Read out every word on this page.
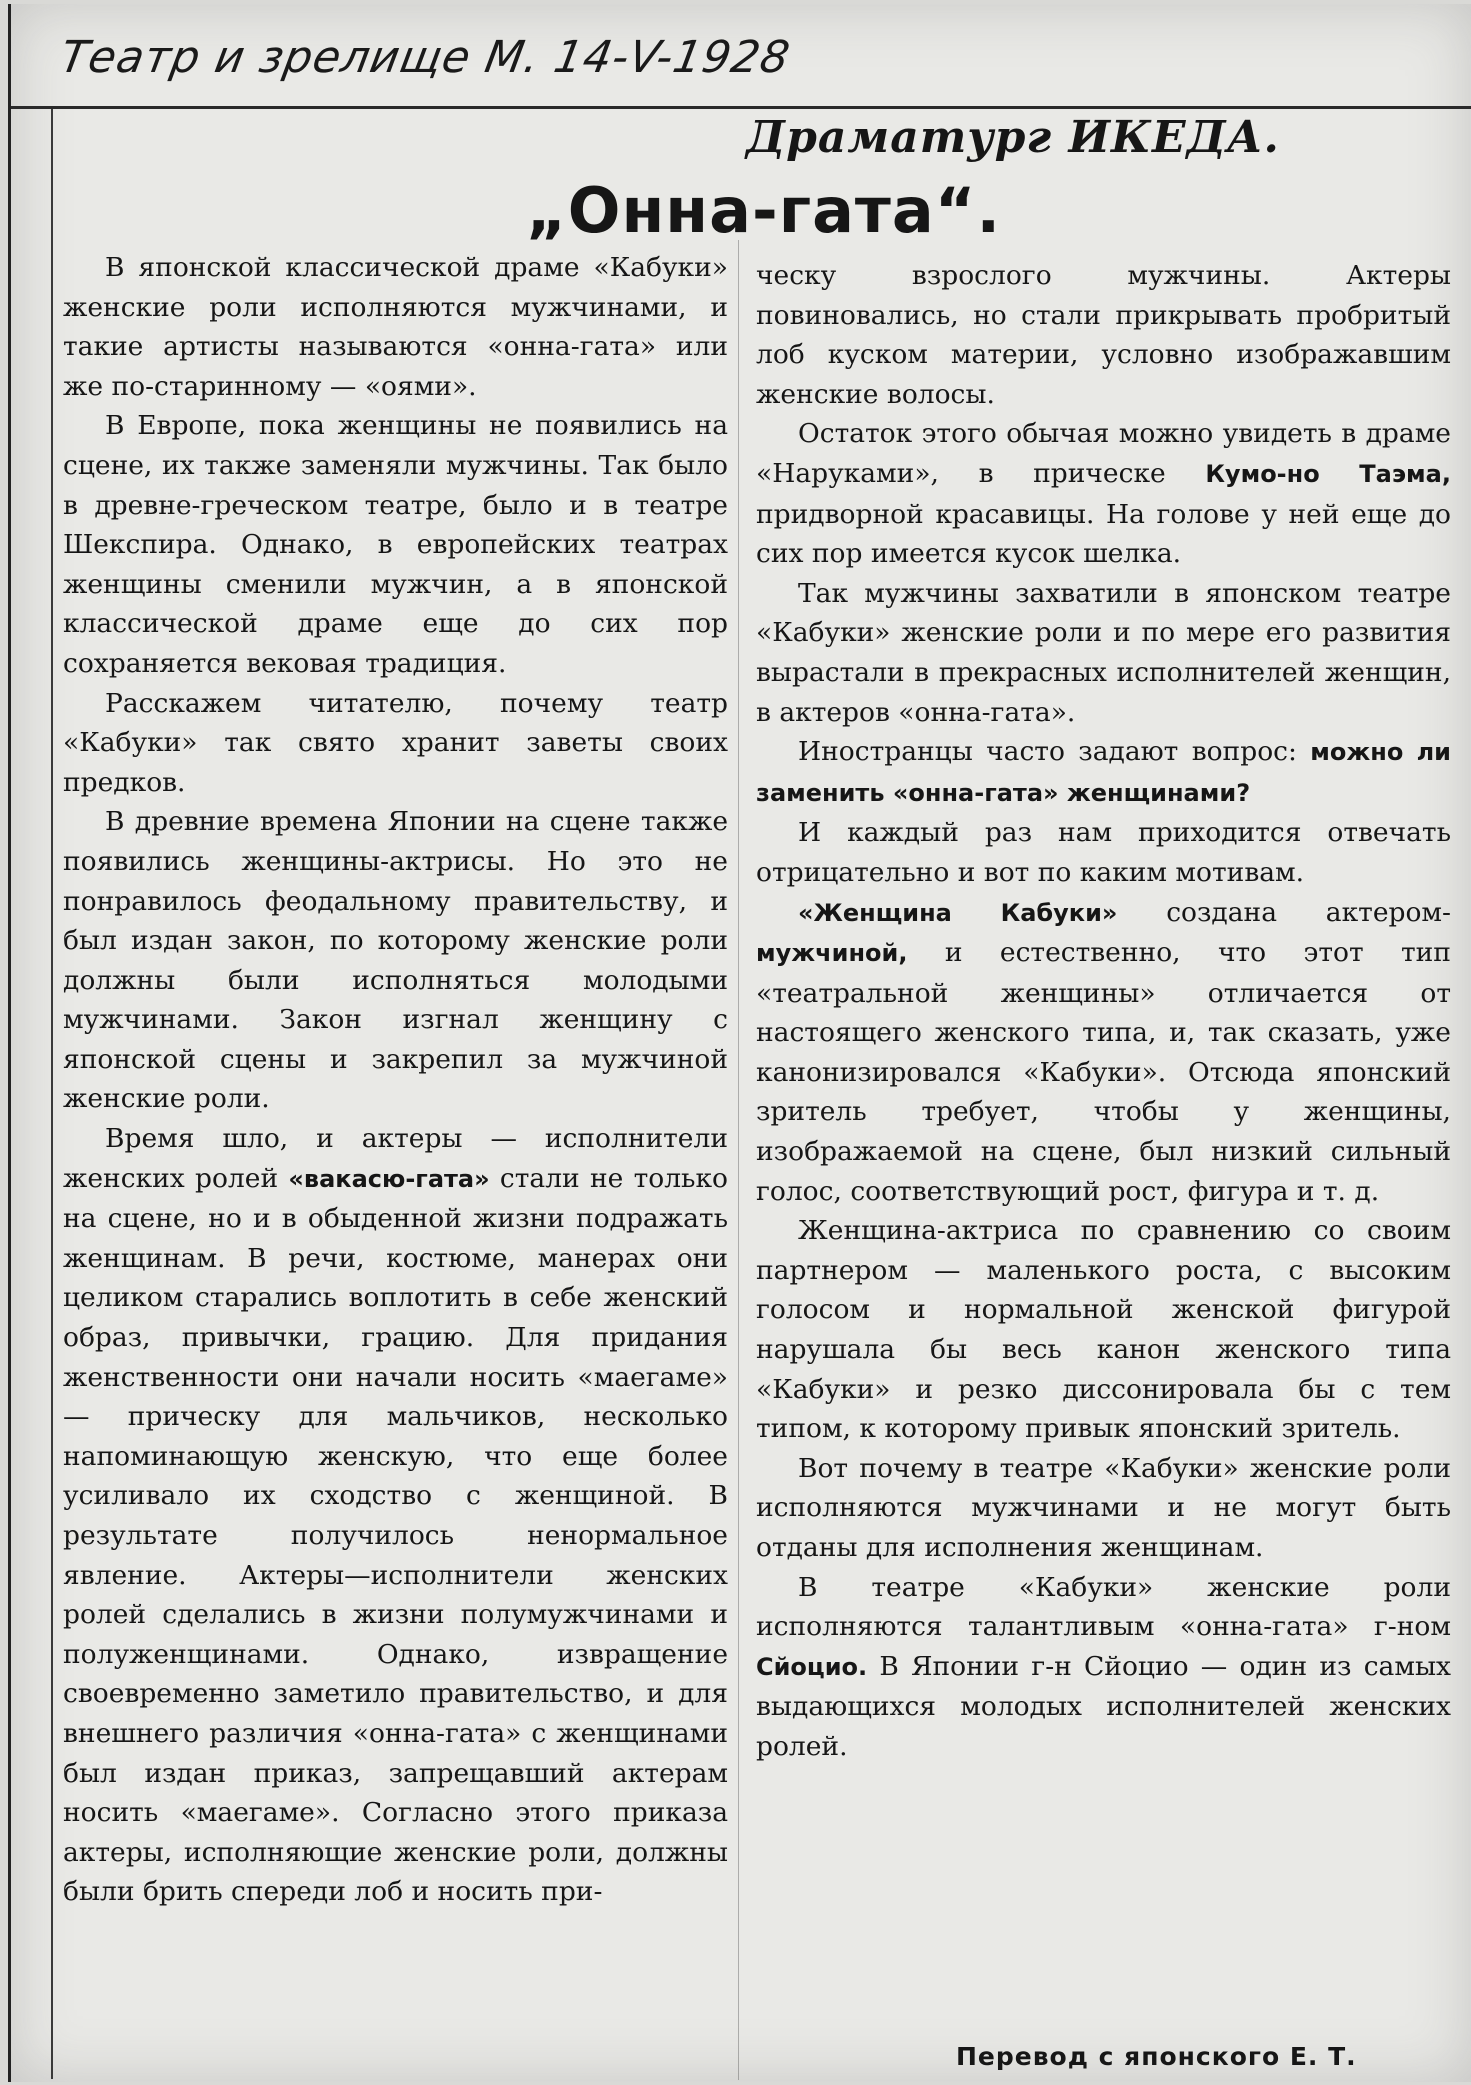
Театр и зрелище М. 14-V-1928
Драматург ИКЕДА.
„Онна-гата“.

В японской классической драме «Кабуки» женские роли исполняются мужчинами, и такие артисты называются «онна-гата» или же по-старинному — «оями».

В Европе, пока женщины не появились на сцене, их также заменяли мужчины. Так было в древне-греческом театре, было и в театре Шекспира. Однако, в европейских театрах женщины сменили мужчин, а в японской классической драме еще до сих пор сохраняется вековая традиция.

Расскажем читателю, почему театр «Кабуки» так свято хранит заветы своих предков.

В древние времена Японии на сцене также появились женщины-актрисы. Но это не понравилось феодальному правительству, и был издан закон, по которому женские роли должны были исполняться молодыми мужчинами. Закон изгнал женщину с японской сцены и закрепил за мужчиной женские роли.

Время шло, и актеры — исполнители женских ролей «вакасю-гата» стали не только на сцене, но и в обыденной жизни подражать женщинам. В речи, костюме, манерах они целиком старались воплотить в себе женский образ, привычки, грацию. Для придания женственности они начали носить «маегаме» — прическу для мальчиков, несколько напоминающую женскую, что еще более усиливало их сходство с женщиной. В результате получилось ненормальное явление. Актеры—исполнители женских ролей сделались в жизни полумужчинами и полуженщинами. Однако, извращение своевременно заметило правительство, и для внешнего различия «онна-гата» с женщинами был издан приказ, запрещавший актерам носить «маегаме». Согласно этого приказа актеры, исполняющие женские роли, должны были брить спереди лоб и носить при-

ческу взрослого мужчины. Актеры повиновались, но стали прикрывать пробритый лоб куском материи, условно изображавшим женские волосы.

Остаток этого обычая можно увидеть в драме «Наруками», в прическе Кумо-но Таэма, придворной красавицы. На голове у ней еще до сих пор имеется кусок шелка.

Так мужчины захватили в японском театре «Кабуки» женские роли и по мере его развития вырастали в прекрасных исполнителей женщин, в актеров «онна-гата».

Иностранцы часто задают вопрос: можно ли заменить «онна-гата» женщинами?

И каждый раз нам приходится отвечать отрицательно и вот по каким мотивам.

«Женщина Кабуки» создана актером- мужчиной, и естественно, что этот тип «театральной женщины» отличается от настоящего женского типа, и, так сказать, уже канонизировался «Кабуки». Отсюда японский зритель требует, чтобы у женщины, изображаемой на сцене, был низкий сильный голос, соответствующий рост, фигура и т. д.

Женщина-актриса по сравнению со своим партнером — маленького роста, с высоким голосом и нормальной женской фигурой нарушала бы весь канон женского типа «Кабуки» и резко диссонировала бы с тем типом, к которому привык японский зритель.

Вот почему в театре «Кабуки» женские роли исполняются мужчинами и не могут быть отданы для исполнения женщинам.

В театре «Кабуки» женские роли исполняются талантливым «онна-гата» г-ном Сйоцио. В Японии г-н Сйоцио — один из самых выдающихся молодых исполнителей женских ролей.

Перевод с японского Е. Т.
